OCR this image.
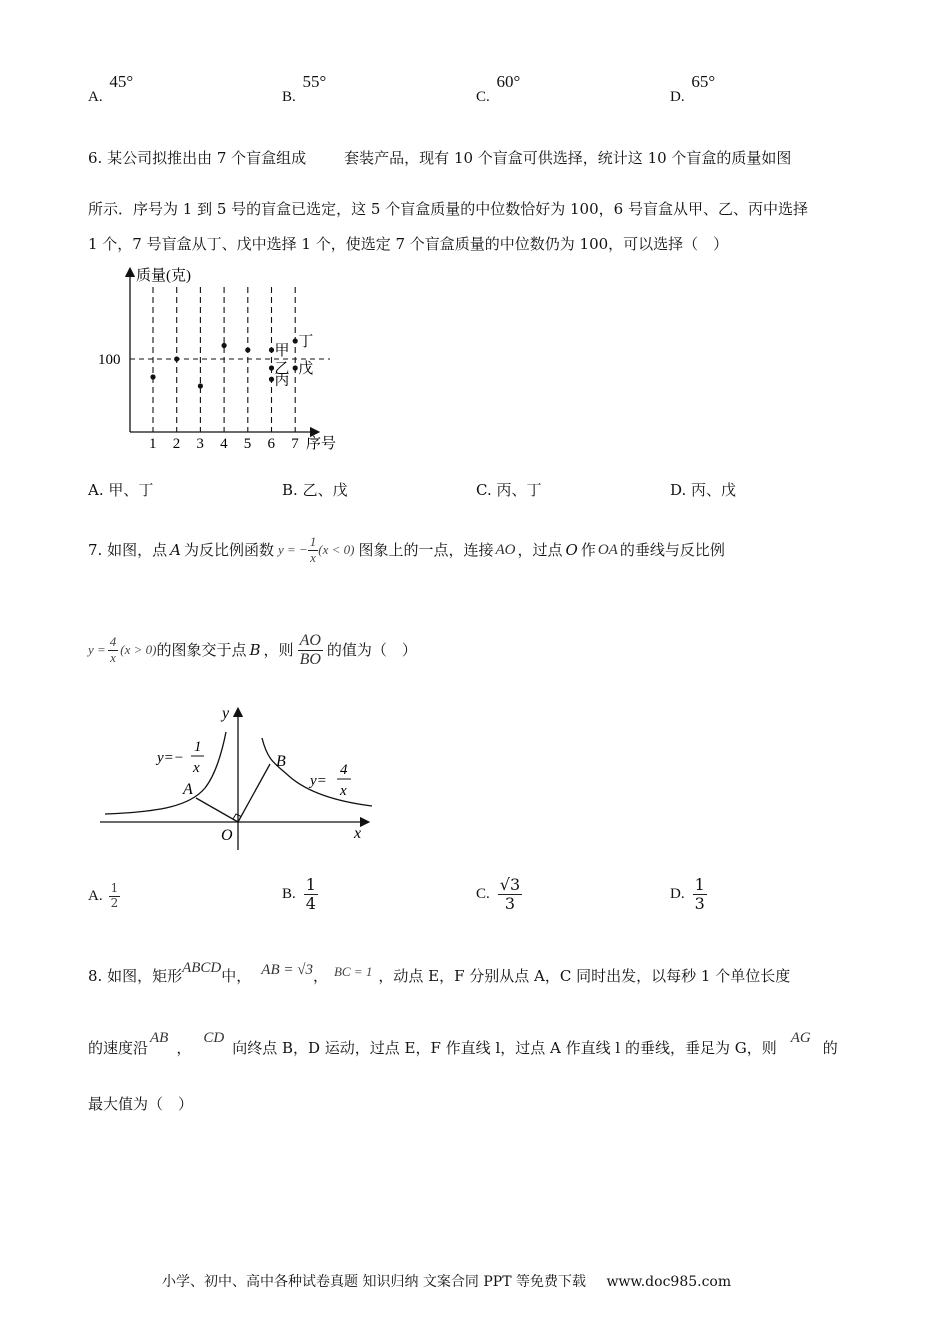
A. 45°
B. 55°
C. 60°
D. 65°
6. 某公司拟推出由 7 个盲盒组成	套装产品，现有 10 个盲盒可供选择，统计这 10 个盲盒的质量如图
所示．序号为 1 到 5 号的盲盒已选定，这 5 个盲盒质量的中位数恰好为 100，6 号盲盒从甲、乙、丙中选择
1 个，7 号盲盒从丁、戊中选择 1 个，使选定 7 个盲盒质量的中位数仍为 100，可以选择（　）
质量(克)
序号
100
1 2 3 4 5 6 7
甲
乙
丙
丁
戊
A. 甲、丁	B. 乙、戊	C. 丙、丁	D. 丙、戊
7. 如图，点 A 为反比例函数 y = − $\frac{1}{x} (x < 0)$ 图象上的一点，连接 AO ，过点 O 作 OA 的垂线与反比例
$y = \frac{4}{x} (x > 0)$ 的图象交于点 B ，则 $\frac{AO}{BO}$ 的值为（　）
y
x
O
A
B
y=−
1
x
y=
4
x
A. $\frac{1}{2}$	B. $\frac{1}{4}$	C. $\frac{√3}{3}$	D. $\frac{1}{3}$
8. 如图，矩形 ABCD 中， AB = √3 ， BC = 1 ，动点 E，F 分别从点 A，C 同时出发，以每秒 1 个单位长度
的速度沿
AB
，
CD
向终点 B，D 运动，过点 E，F 作直线 l，过点 A 作直线 l 的垂线，垂足为 G，则
AG
的
最大值为（　）
小学、初中、高中各种试卷真题 知识归纳 文案合同 PPT 等免费下载 www.doc985.com
